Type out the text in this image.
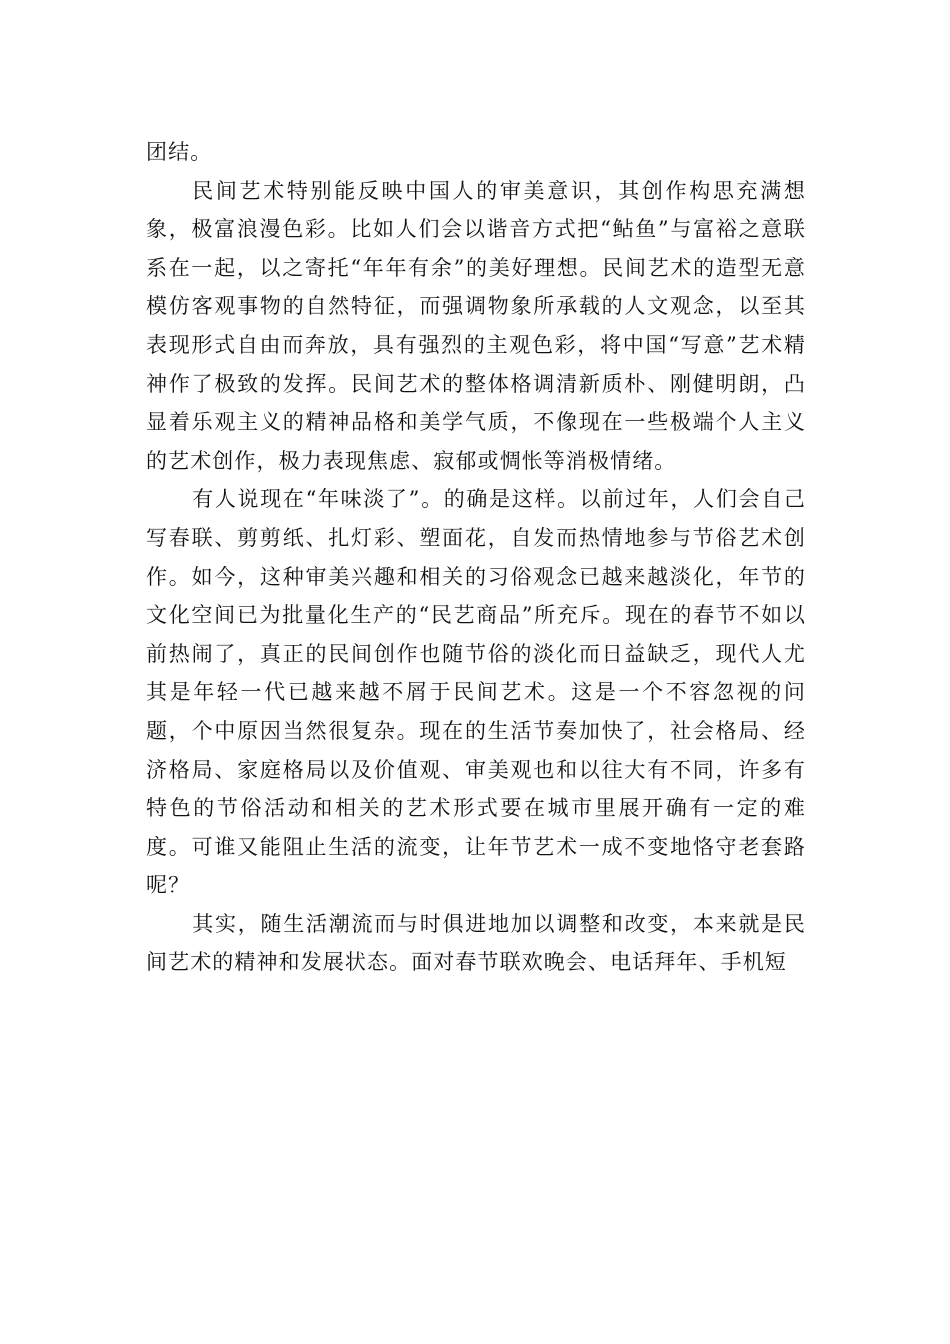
团结。

民间艺术特别能反映中国人的审美意识，其创作构思充满想象，极富浪漫色彩。比如人们会以谐音方式把“鲇鱼”与富裕之意联系在一起，以之寄托“年年有余”的美好理想。民间艺术的造型无意模仿客观事物的自然特征，而强调物象所承载的人文观念，以至其表现形式自由而奔放，具有强烈的主观色彩，将中国“写意”艺术精神作了极致的发挥。民间艺术的整体格调清新质朴、刚健明朗，凸显着乐观主义的精神品格和美学气质，不像现在一些极端个人主义的艺术创作，极力表现焦虑、寂郁或惆怅等消极情绪。

有人说现在“年味淡了”。的确是这样。以前过年，人们会自己写春联、剪剪纸、扎灯彩、塑面花，自发而热情地参与节俗艺术创作。如今，这种审美兴趣和相关的习俗观念已越来越淡化，年节的文化空间已为批量化生产的“民艺商品”所充斥。现在的春节不如以前热闹了，真正的民间创作也随节俗的淡化而日益缺乏，现代人尤其是年轻一代已越来越不屑于民间艺术。这是一个不容忽视的问题，个中原因当然很复杂。现在的生活节奏加快了，社会格局、经济格局、家庭格局以及价值观、审美观也和以往大有不同，许多有特色的节俗活动和相关的艺术形式要在城市里展开确有一定的难度。可谁又能阻止生活的流变，让年节艺术一成不变地恪守老套路呢？

其实，随生活潮流而与时俱进地加以调整和改变，本来就是民间艺术的精神和发展状态。面对春节联欢晚会、电话拜年、手机短
